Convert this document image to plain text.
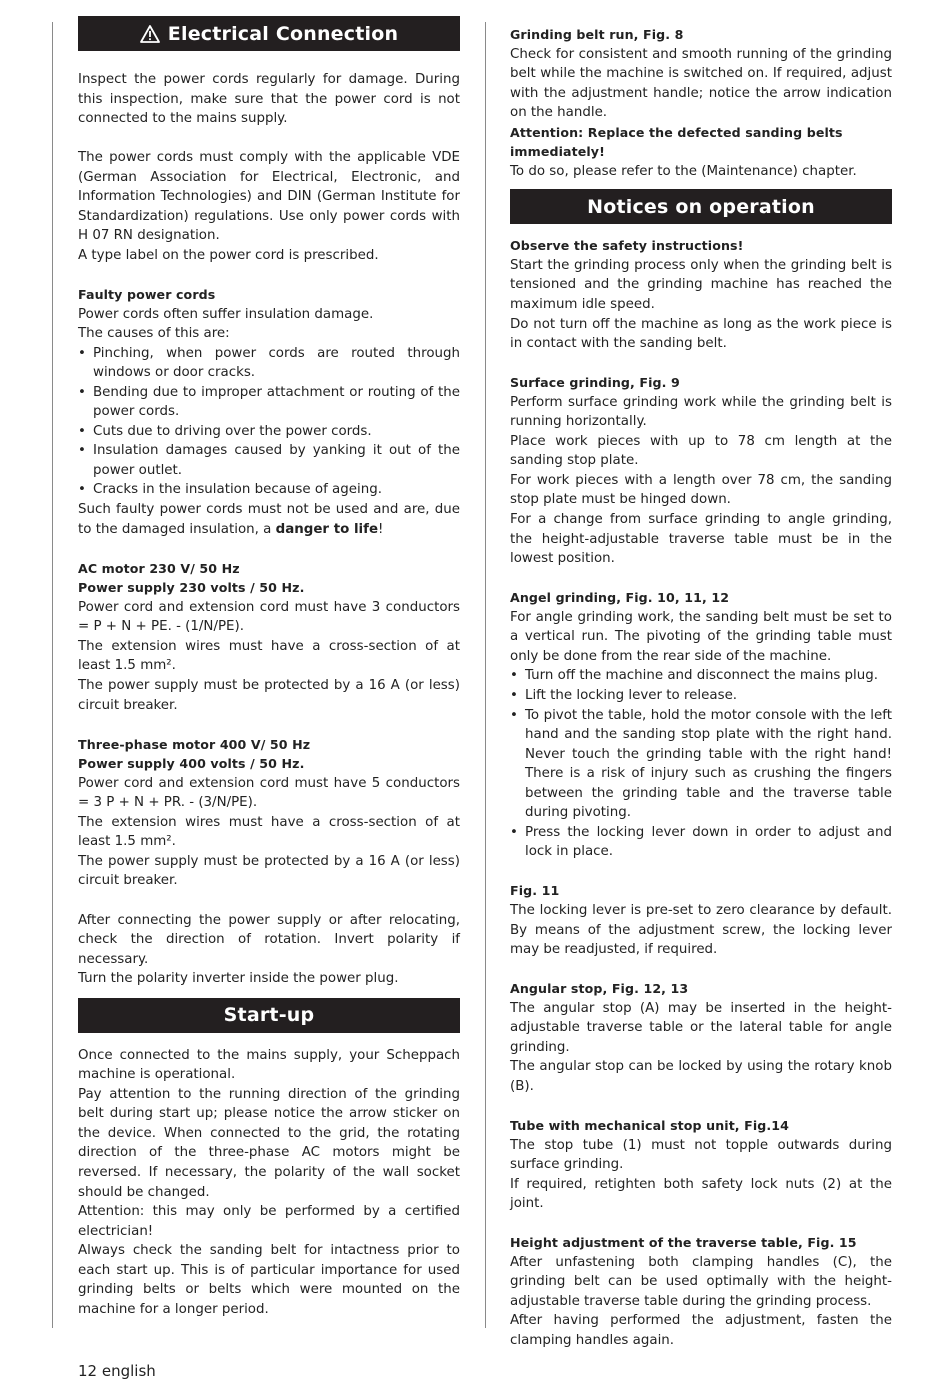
Electrical Connection

Inspect the power cords regularly for damage. During this inspection, make sure that the power cord is not connected to the mains supply.

The power cords must comply with the applicable VDE (German Association for Electrical, Electronic, and Information Technologies) and DIN (German Institute for Standardization) regulations. Use only power cords with H 07 RN designation.

A type label on the power cord is prescribed.

Faulty power cords

Power cords often suffer insulation damage.

The causes of this are:

• Pinching, when power cords are routed through windows or door cracks.
• Bending due to improper attachment or routing of the power cords.
• Cuts due to driving over the power cords.
• Insulation damages caused by yanking it out of the power outlet.
• Cracks in the insulation because of ageing.

Such faulty power cords must not be used and are, due to the damaged insulation, a danger to life!

AC motor 230 V/ 50 Hz

Power supply 230 volts / 50 Hz.

Power cord and extension cord must have 3 conductors = P + N + PE. - (1/N/PE).

The extension wires must have a cross-section of at least 1.5 mm².

The power supply must be protected by a 16 A (or less) circuit breaker.

Three-phase motor 400 V/ 50 Hz

Power supply 400 volts / 50 Hz.

Power cord and extension cord must have 5 conductors = 3 P + N + PR. - (3/N/PE).

The extension wires must have a cross-section of at least 1.5 mm².

The power supply must be protected by a 16 A (or less) circuit breaker.

After connecting the power supply or after relocating, check the direction of rotation. Invert polarity if necessary.

Turn the polarity inverter inside the power plug.

Start-up

Once connected to the mains supply, your Scheppach machine is operational.

Pay attention to the running direction of the grinding belt during start up; please notice the arrow sticker on the device. When connected to the grid, the rotating direction of the three-phase AC motors might be reversed. If necessary, the polarity of the wall socket should be changed.

Attention: this may only be performed by a certified electrician!

Always check the sanding belt for intactness prior to each start up. This is of particular importance for used grinding belts or belts which were mounted on the machine for a longer period.

Grinding belt run, Fig. 8

Check for consistent and smooth running of the grinding belt while the machine is switched on. If required, adjust with the adjustment handle; notice the arrow indication on the handle.

Attention: Replace the defected sanding belts immediately!

To do so, please refer to the (Maintenance) chapter.

Notices on operation

Observe the safety instructions!

Start the grinding process only when the grinding belt is tensioned and the grinding machine has reached the maximum idle speed.

Do not turn off the machine as long as the work piece is in contact with the sanding belt.

Surface grinding, Fig. 9

Perform surface grinding work while the grinding belt is running horizontally.

Place work pieces with up to 78 cm length at the sanding stop plate.

For work pieces with a length over 78 cm, the sanding stop plate must be hinged down.

For a change from surface grinding to angle grinding, the height-adjustable traverse table must be in the lowest position.

Angel grinding, Fig. 10, 11, 12

For angle grinding work, the sanding belt must be set to a vertical run. The pivoting of the grinding table must only be done from the rear side of the machine.

• Turn off the machine and disconnect the mains plug.
• Lift the locking lever to release.
• To pivot the table, hold the motor console with the left hand and the sanding stop plate with the right hand. Never touch the grinding table with the right hand! There is a risk of injury such as crushing the fingers between the grinding table and the traverse table during pivoting.
• Press the locking lever down in order to adjust and lock in place.

Fig. 11

The locking lever is pre-set to zero clearance by default. By means of the adjustment screw, the locking lever may be readjusted, if required.

Angular stop, Fig. 12, 13

The angular stop (A) may be inserted in the height-adjustable traverse table or the lateral table for angle grinding.

The angular stop can be locked by using the rotary knob (B).

Tube with mechanical stop unit, Fig.14

The stop tube (1) must not topple outwards during surface grinding.

If required, retighten both safety lock nuts (2) at the joint.

Height adjustment of the traverse table, Fig. 15

After unfastening both clamping handles (C), the grinding belt can be used optimally with the height-adjustable traverse table during the grinding process.

After having performed the adjustment, fasten the clamping handles again.

12 english
